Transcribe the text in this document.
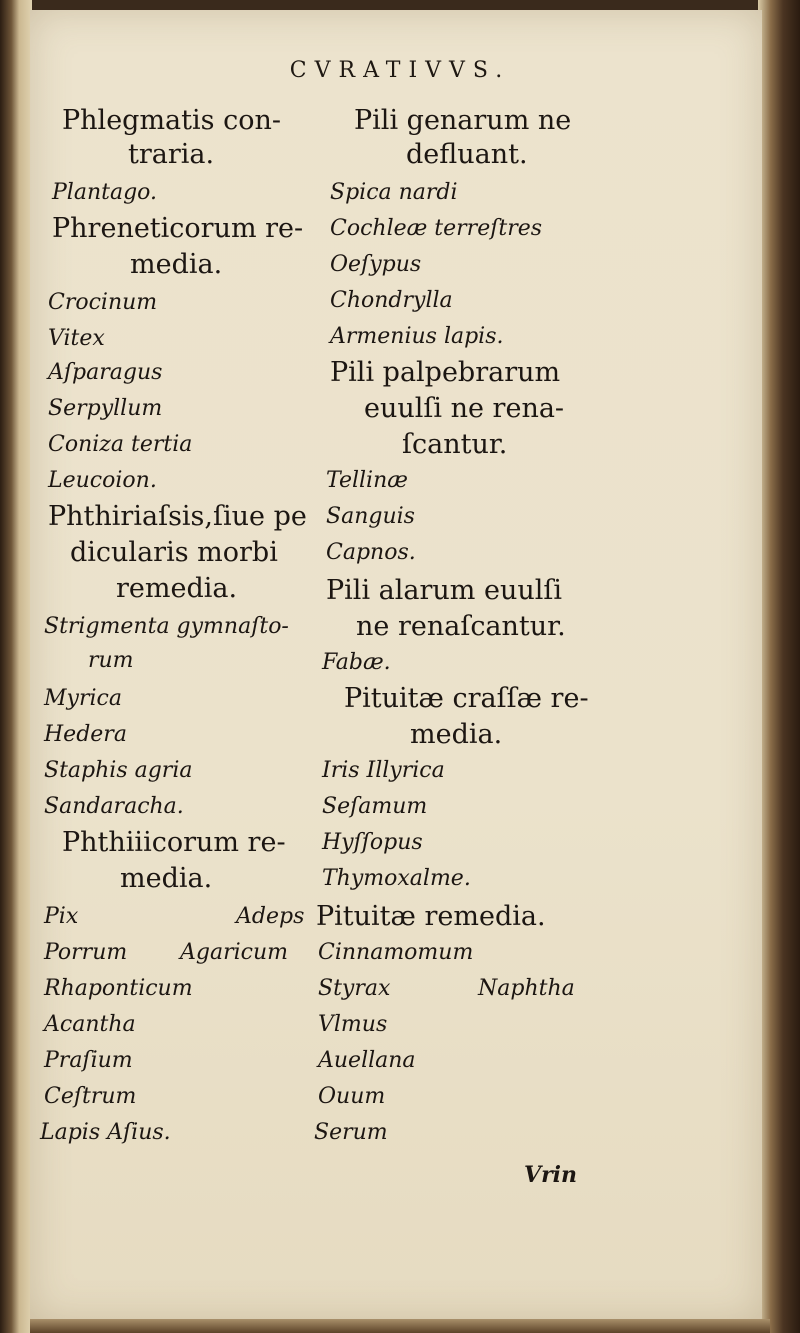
CVRATIVVS.
Phlegmatis con-
traria.
Plantago.
Phreneticorum re-
media.
Crocinum
Vitex
Aſparagus
Serpyllum
Coniza tertia
Leucoion.
Phthiriaſsis,ſiue pe
dicularis morbi
remedia.
Strigmenta gymnaſto-
rum
Myrica
Hedera
Staphis agria
Sandaracha.
Phthiiicorum re-
media.
Pix	Adeps
Porrum Agaricum
Rhaponticum
Acantha
Praſium
Ceſtrum
Lapis Aſius.
Pili genarum ne
defluant.
Spica nardi
Cochleæ terreſtres
Oeſypus
Chondrylla
Armenius lapis.
Pili palpebrarum
euulſi ne rena-
ſcantur.
Tellinæ
Sanguis
Capnos.
Pili alarum euulſi
ne renaſcantur.
Fabæ.
Pituitæ craſſæ re-
media.
Iris Illyrica
Seſamum
Hyſſopus
Thymoxalme.
Pituitæ remedia.
Cinnamomum
Styrax	Naphtha
Vlmus
Auellana
Ouum
Serum
Vrin
